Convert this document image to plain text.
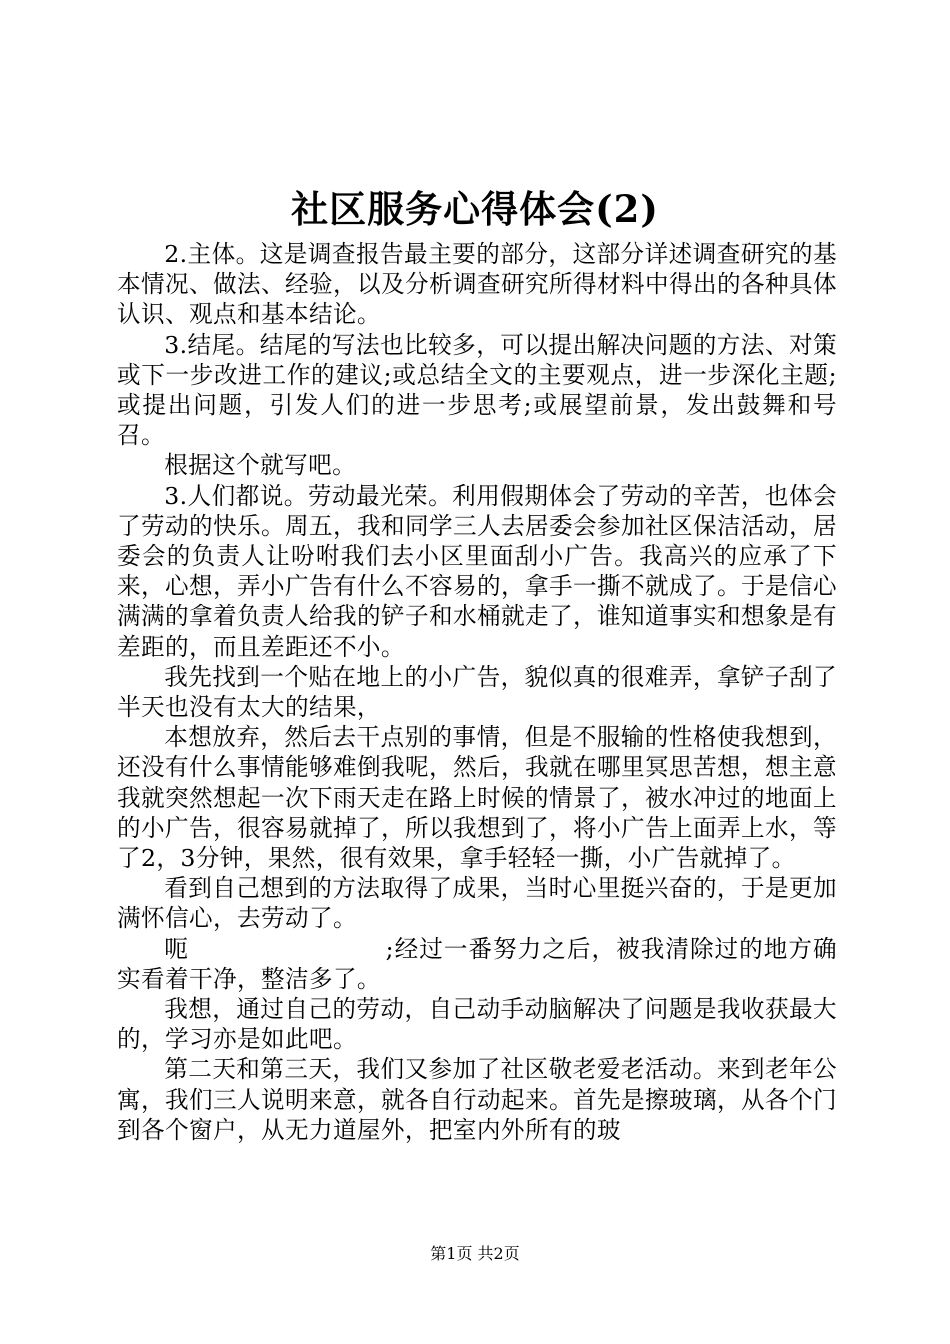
社区服务心得体会(2)

2.主体。这是调查报告最主要的部分，这部分详述调查研究的基本情况、做法、经验，以及分析调查研究所得材料中得出的各种具体认识、观点和基本结论。

3.结尾。结尾的写法也比较多，可以提出解决问题的方法、对策或下一步改进工作的建议;或总结全文的主要观点，进一步深化主题;或提出问题，引发人们的进一步思考;或展望前景，发出鼓舞和号召。

根据这个就写吧。

3.人们都说。劳动最光荣。利用假期体会了劳动的辛苦，也体会了劳动的快乐。周五，我和同学三人去居委会参加社区保洁活动，居委会的负责人让吩咐我们去小区里面刮小广告。我高兴的应承了下来，心想，弄小广告有什么不容易的，拿手一撕不就成了。于是信心满满的拿着负责人给我的铲子和水桶就走了，谁知道事实和想象是有差距的，而且差距还不小。

我先找到一个贴在地上的小广告，貌似真的很难弄，拿铲子刮了半天也没有太大的结果，

本想放弃，然后去干点别的事情，但是不服输的性格使我想到，还没有什么事情能够难倒我呢，然后，我就在哪里冥思苦想，想主意我就突然想起一次下雨天走在路上时候的情景了，被水冲过的地面上的小广告，很容易就掉了，所以我想到了，将小广告上面弄上水，等了2，3分钟，果然，很有效果，拿手轻轻一撕，小广告就掉了。

看到自己想到的方法取得了成果，当时心里挺兴奋的，于是更加满怀信心，去劳动了。

呃　　　　　　　　;经过一番努力之后，被我清除过的地方确实看着干净，整洁多了。

我想，通过自己的劳动，自己动手动脑解决了问题是我收获最大的，学习亦是如此吧。

第二天和第三天，我们又参加了社区敬老爱老活动。来到老年公寓，我们三人说明来意，就各自行动起来。首先是擦玻璃，从各个门到各个窗户，从无力道屋外，把室内外所有的玻

第1页 共2页
